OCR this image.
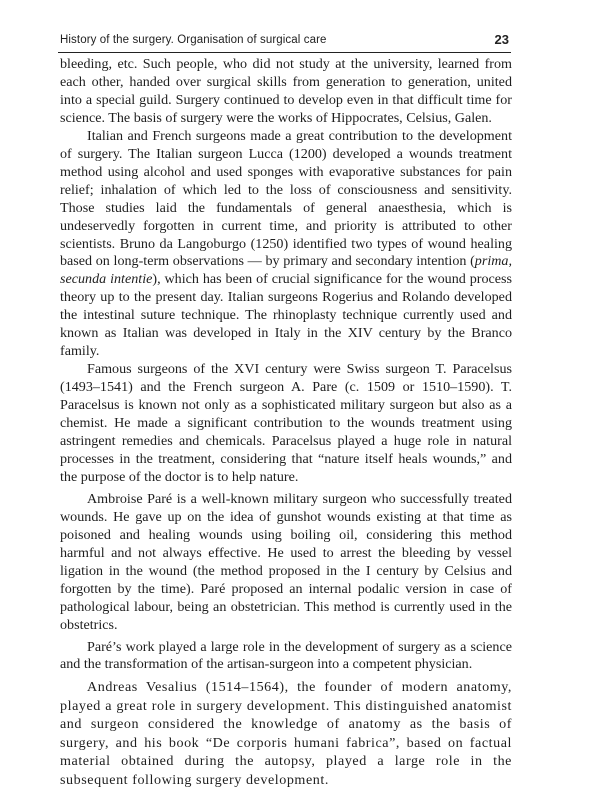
History of the surgery. Organisation of surgical care	23

bleeding, etc. Such people, who did not study at the university, learned from each other, handed over surgical skills from generation to generation, united into a special guild. Surgery continued to develop even in that difficult time for science. The basis of surgery were the works of Hippocrates, Celsius, Galen.

Italian and French surgeons made a great contribution to the development of surgery. The Italian surgeon Lucca (1200) developed a wounds treatment method using alcohol and used sponges with evaporative substances for pain relief; inhalation of which led to the loss of consciousness and sensitivity. Those studies laid the fundamentals of general anaesthesia, which is undeservedly forgotten in current time, and priority is attributed to other scientists. Bruno da Langoburgo (1250) identified two types of wound healing based on long-term observations — by primary and secondary intention (prima, secunda intentie), which has been of crucial significance for the wound process theory up to the present day. Italian surgeons Rogerius and Rolando developed the intestinal suture technique. The rhinoplasty technique currently used and known as Italian was developed in Italy in the XIV century by the Branco family.

Famous surgeons of the XVI century were Swiss surgeon T. Paracelsus (1493–1541) and the French surgeon A. Pare (c. 1509 or 1510–1590). T. Paracelsus is known not only as a sophisticated military surgeon but also as a chemist. He made a significant contribution to the wounds treatment using astringent remedies and chemicals. Paracelsus played a huge role in natural processes in the treatment, considering that “nature itself heals wounds,” and the purpose of the doctor is to help nature.

Ambroise Paré is a well-known military surgeon who successfully treated wounds. He gave up on the idea of gunshot wounds existing at that time as poisoned and healing wounds using boiling oil, considering this method harmful and not always effective. He used to arrest the bleeding by vessel ligation in the wound (the method proposed in the I century by Celsius and forgotten by the time). Paré proposed an internal podalic version in case of pathological labour, being an obstetrician. This method is currently used in the obstetrics.

Paré’s work played a large role in the development of surgery as a science and the transformation of the artisan-surgeon into a competent physician.

Andreas Vesalius (1514–1564), the founder of modern anatomy, played a great role in surgery development. This distinguished anatomist and surgeon considered the knowledge of anatomy as the basis of surgery, and his book “De corporis humani fabrica”, based on factual material obtained during the autopsy, played a large role in the subsequent following surgery development.
